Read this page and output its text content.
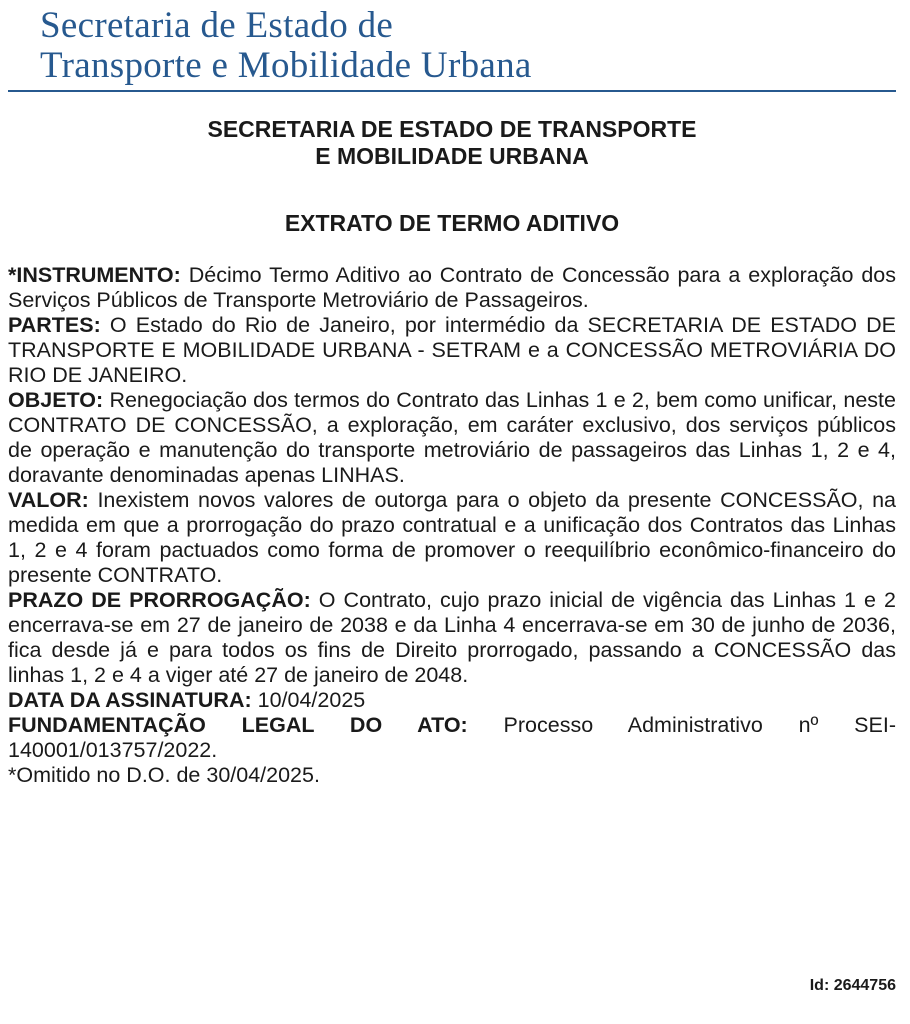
Secretaria de Estado de
Transporte e Mobilidade Urbana
SECRETARIA DE ESTADO DE TRANSPORTE
E MOBILIDADE URBANA
EXTRATO DE TERMO ADITIVO

*INSTRUMENTO: Décimo Termo Aditivo ao Contrato de Concessão para a exploração dos Serviços Públicos de Transporte Metroviário de Passageiros.

PARTES: O Estado do Rio de Janeiro, por intermédio da SECRETARIA DE ESTADO DE TRANSPORTE E MOBILIDADE URBANA - SETRAM e a CONCESSÃO METROVIÁRIA DO RIO DE JANEIRO.

OBJETO: Renegociação dos termos do Contrato das Linhas 1 e 2, bem como unificar, neste CONTRATO DE CONCESSÃO, a exploração, em caráter exclusivo, dos serviços públicos de operação e manutenção do transporte metroviário de passageiros das Linhas 1, 2 e 4, doravante denominadas apenas LINHAS.

VALOR: Inexistem novos valores de outorga para o objeto da presente CONCESSÃO, na medida em que a prorrogação do prazo contratual e a unificação dos Contratos das Linhas 1, 2 e 4 foram pactuados como forma de promover o reequilíbrio econômico-financeiro do presente CONTRATO.

PRAZO DE PRORROGAÇÃO: O Contrato, cujo prazo inicial de vigência das Linhas 1 e 2 encerrava-se em 27 de janeiro de 2038 e da Linha 4 encerrava-se em 30 de junho de 2036, fica desde já e para todos os fins de Direito prorrogado, passando a CONCESSÃO das linhas 1, 2 e 4 a viger até 27 de janeiro de 2048.

DATA DA ASSINATURA: 10/04/2025

FUNDAMENTAÇÃO LEGAL DO ATO: Processo Administrativo nº SEI-140001/013757/2022.

*Omitido no D.O. de 30/04/2025.

Id: 2644756
